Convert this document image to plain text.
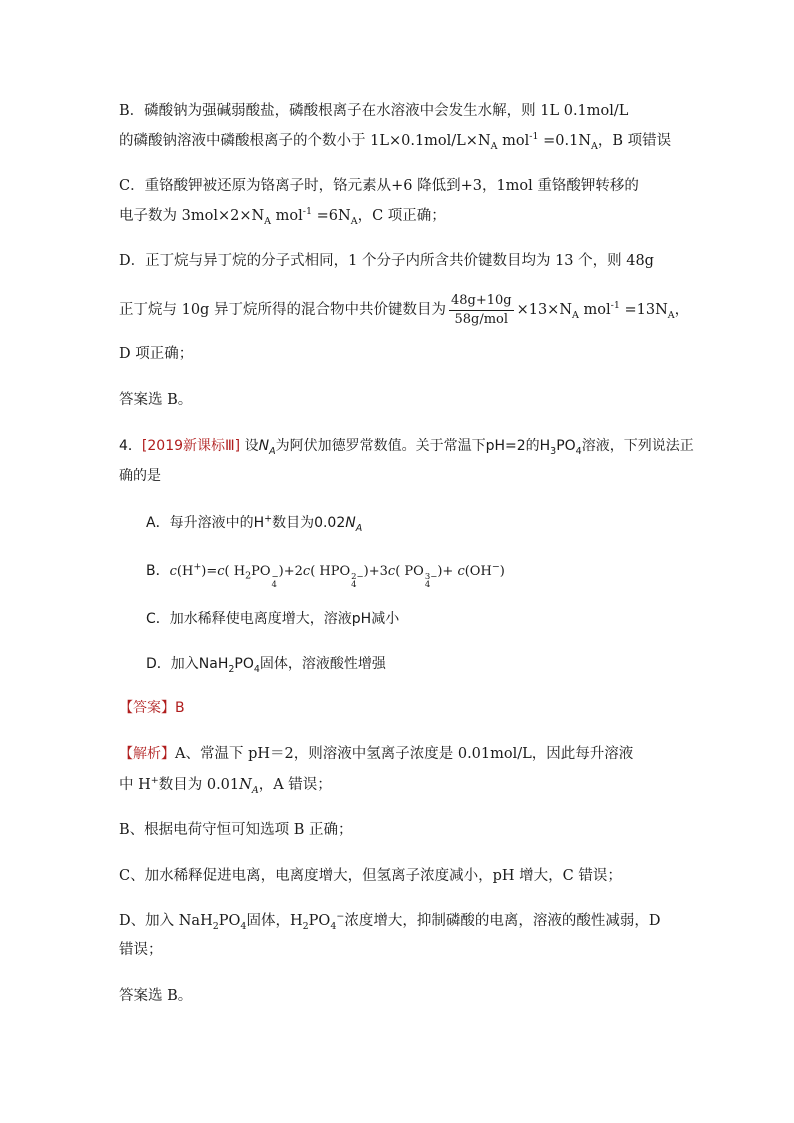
B．磷酸钠为强碱弱酸盐，磷酸根离子在水溶液中会发生水解，则 1L 0.1mol/L
的磷酸钠溶液中磷酸根离子的个数小于 $1L\times 0.1mol/L\times N_A$ $mol^{-1} =0.1N_A$，B 项错误
C．重铬酸钾被还原为铬离子时，铬元素从+6 降低到+3，1mol 重铬酸钾转移的
电子数为 $3mol\times 2\times N_A$ $mol^{-1} =6N_A$，C 项正确；
D．正丁烷与异丁烷的分子式相同，1 个分子内所含共价键数目均为 13 个，则 48g
正丁烷与 10g 异丁烷所得的混合物中共价键数目为 $\frac{48g+10g}{\text{58g/mol}} \times 13\times N_A$ $mol^{-1} =13N_A$，
D 项正确；
答案选 B。
4．[2019新课标Ⅲ] 设$N_A$为阿伏加德罗常数值。关于常温下pH=2的$H_3PO_4$溶液，下列说法正
确的是
A．每升溶液中的H+数目为$0.02N_A$
B．c(H+)=c( $H_2PO$ −
4
)+2c( HPO 2−
4
)+3c( PO 3−
4
)+ c(OH−)
C．加水稀释使电离度增大，溶液pH减小
D．加入$NaH_2PO_4$固体，溶液酸性增强
【答案】B
【解析】A、常温下 pH＝2，则溶液中氢离子浓度是 0.01mol/L，因此每升溶液
中 H+数目为 $0.01N_A$，A 错误；
B、根据电荷守恒可知选项 B 正确；
C、加水稀释促进电离，电离度增大，但氢离子浓度减小，pH 增大，C 错误；
D、加入 $NaH_2PO_4$固体，$H_2PO_4^-$浓度增大，抑制磷酸的电离，溶液的酸性减弱，D
错误；
答案选 B。
